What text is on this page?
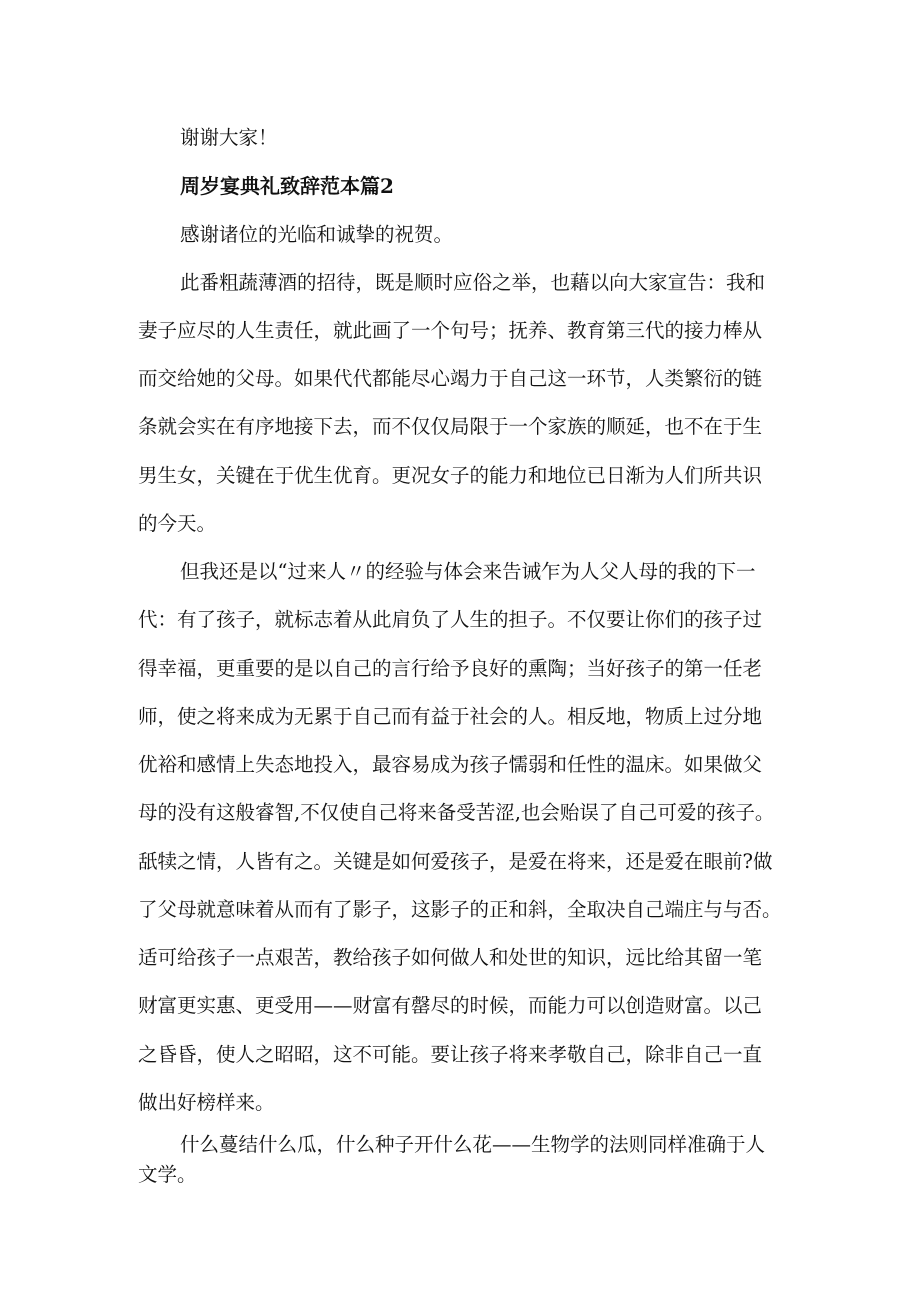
谢谢大家！
周岁宴典礼致辞范本篇2
感谢诸位的光临和诚挚的祝贺。
此番粗蔬薄酒的招待，既是顺时应俗之举，也藉以向大家宣告：我和
妻子应尽的人生责任，就此画了一个句号；抚养、教育第三代的接力棒从
而交给她的父母。如果代代都能尽心竭力于自己这一环节，人类繁衍的链
条就会实在有序地接下去，而不仅仅局限于一个家族的顺延，也不在于生
男生女，关键在于优生优育。更况女子的能力和地位已日渐为人们所共识
的今天。
但我还是以“过来人〃的经验与体会来告诫乍为人父人母的我的下一
代：有了孩子，就标志着从此肩负了人生的担子。不仅要让你们的孩子过
得幸福，更重要的是以自己的言行给予良好的熏陶；当好孩子的第一任老
师，使之将来成为无累于自己而有益于社会的人。相反地，物质上过分地
优裕和感情上失态地投入，最容易成为孩子懦弱和任性的温床。如果做父
母的没有这般睿智,不仅使自己将来备受苦涩,也会贻误了自己可爱的孩子。
舐犊之情，人皆有之。关键是如何爱孩子，是爱在将来，还是爱在眼前?做
了父母就意味着从而有了影子，这影子的正和斜，全取决自己端庄与与否。
适可给孩子一点艰苦，教给孩子如何做人和处世的知识，远比给其留一笔
财富更实惠、更受用——财富有罄尽的时候，而能力可以创造财富。以己
之昏昏，使人之昭昭，这不可能。要让孩子将来孝敬自己，除非自己一直
做出好榜样来。
什么蔓结什么瓜，什么种子开什么花——生物学的法则同样准确于人
文学。
